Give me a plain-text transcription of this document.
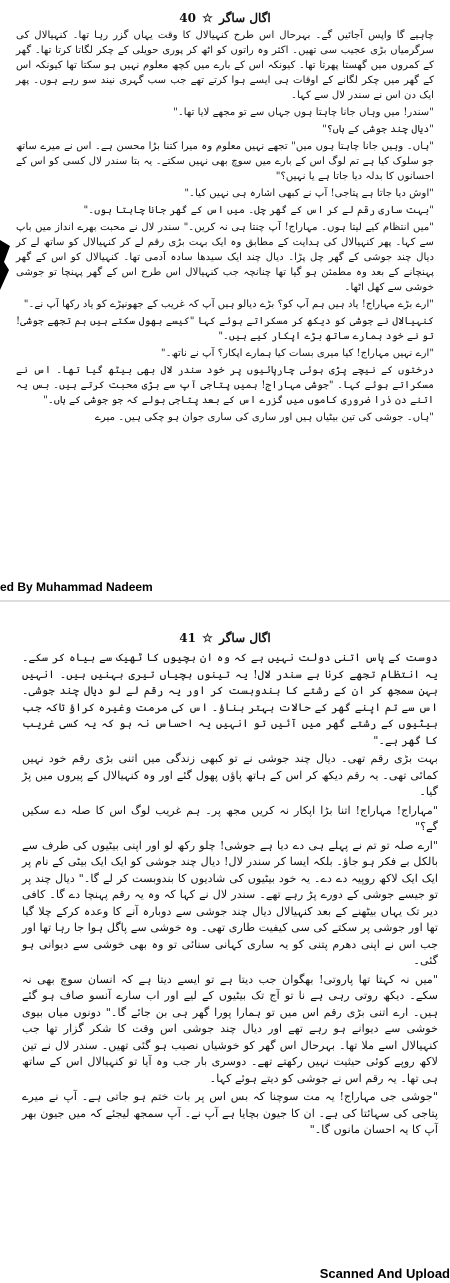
اگال ساگر ☆ 40

چاہیے گا واپس آجائیں گے۔ بہرحال اس طرح کنہیالال کا وقت یہاں گزر رہا تھا۔ کنہیالال کی سرگرمیاں بڑی عجیب سی تھیں۔ اکثر وہ راتوں کو اٹھ کر پوری حویلی کے چکر لگاتا کرتا تھا۔ گھر کے کمروں میں گھستا پھرتا تھا۔ کیونکہ اس کے بارے میں کچھ معلوم نہیں ہو سکتا تھا کیونکہ اس کے گھر میں چکر لگانے کے اوقات ہی ایسے ہوا کرتے تھے جب سب گہری نیند سو رہے ہوں۔ پھر ایک دن اس نے سندر لال سے کہا۔

"سندر! میں وہاں جانا چاہتا ہوں جہاں سے تو مجھے لایا تھا۔"

"دیال چند جوشی کے ہاں؟"

"ہاں۔ وہیں جانا چاہتا ہوں میں" تجھے نہیں معلوم وہ میرا کتنا بڑا محسن ہے۔ اس نے میرے ساتھ جو سلوک کیا ہے تم لوگ اس کے بارے میں سوچ بھی نہیں سکتے۔ یہ بتا سندر لال کسی کو اس کے احسانوں کا بدلہ دیا جاتا ہے یا نہیں؟"

"اوش دیا جاتا ہے پتاجی! آپ نے کبھی اشارہ ہی نہیں کیا۔"

"بہت ساری رقم لے کر اس کے گھر چل۔ میں اس کے گھر جانا چاہتا ہوں۔"

"میں انتظام کیے لیتا ہوں۔ مہاراج! آپ چنتا ہی نہ کریں۔" سندر لال نے محبت بھرے انداز میں باپ سے کہا۔ پھر کنہیالال کی ہدایت کے مطابق وہ ایک بہت بڑی رقم لے کر کنہیالال کو ساتھ لے کر دیال چند جوشی کے گھر چل پڑا۔ دیال چند ایک سیدھا سادہ آدمی تھا۔ کنہیالال کو اس کے گھر پہنچانے کے بعد وہ مطمئن ہو گیا تھا چنانچہ جب کنہیالال اس طرح اس کے گھر پہنچا تو جوشی خوشی سے کھل اٹھا۔

"ارے بڑے مہاراج! یاد ہیں ہم آپ کو؟ بڑے دیالو ہیں آپ کہ غریب کے جھونپڑے کو یاد رکھا آپ نے۔"

کنہیالال نے جوشی کو دیکھ کر مسکراتے ہوئے کہا "کیسے بھول سکتے ہیں ہم تجھے جوشی! تو نے خود ہمارے ساتھ بڑے اپکار کیے ہیں۔"

"ارے نہیں مہاراج! کیا میری بسات کیا ہمارے اپکار؟ آپ نے ناتھ۔"

درختوں کے نیچے پڑی ہوئی چارپائیوں پر خود سندر لال بھی بیٹھ گیا تھا۔ اس نے مسکراتے ہوئے کہا۔ "جوشی مہاراج! ہمیں پتاجی آپ سے بڑی محبت کرتے ہیں۔ بس یہ اتنے دن ذرا ضروری کاموں میں گزرے اس کے بعد پتاجی بولے کہ جو جوشی کے ہاں۔"

"ہاں۔ جوشی کی تین بیٹیاں ہیں اور ساری کی ساری جوان ہو چکی ہیں۔ میرے

ed By Muhammad Nadeem
اگال ساگر ☆ 41

دوست کے پاس اتنی دولت نہیں ہے کہ وہ ان بچیوں کا ٹھیک سے بیاہ کر سکے۔ یہ انتظام تجھے کرنا ہے سندر لال! یہ تینوں بچیاں تیری بہنیں ہیں۔ انہیں بہن سمجھ کر ان کے رشتے کا بندوبست کر اور یہ رقم لے لو دیال چند جوشی۔ اس سے تم اپنے گھر کے حالات بہتر بناؤ۔ اس کی مرمت وغیرہ کراؤ تاکہ جب بیٹیوں کے رشتے گھر میں آئیں تو انہیں یہ احساس نہ ہو کہ یہ کسی غریب کا گھر ہے۔"

بہت بڑی رقم تھی۔ دیال چند جوشی نے تو کبھی زندگی میں اتنی بڑی رقم خود نہیں کمائی تھی۔ یہ رقم دیکھ کر اس کے ہاتھ پاؤں پھول گئے اور وہ کنہیالال کے پیروں میں پڑ گیا۔

"مہاراج! مہاراج! اتنا بڑا اپکار نہ کریں مجھ پر۔ ہم غریب لوگ اس کا صلہ دے سکیں گے؟"

"ارے صلہ تو تم نے پہلے ہی دے دیا ہے جوشی! چلو رکھ لو اور اپنی بیٹیوں کی طرف سے بالکل بے فکر ہو جاؤ۔ بلکہ ایسا کر سندر لال! دیال چند جوشی کو ایک ایک بیٹی کے نام پر ایک ایک لاکھ روپیہ دے دے۔ یہ خود بیٹیوں کی شادیوں کا بندوبست کر لے گا۔" دیال چند پر تو جیسے جوشی کے دورے پڑ رہے تھے۔ سندر لال نے کہا کہ وہ یہ رقم پہنچا دے گا۔ کافی دیر تک یہاں بیٹھنے کے بعد کنہیالال دیال چند جوشی سے دوبارہ آنے کا وعدہ کرکے چلا گیا تھا اور جوشی پر سکتے کی سی کیفیت طاری تھی۔ وہ خوشی سے پاگل ہوا جا رہا تھا اور جب اس نے اپنی دھرم پتنی کو یہ ساری کہانی سنائی تو وہ بھی خوشی سے دیوانی ہو گئی۔

"میں نہ کہتا تھا پاروتی! بھگوان جب دیتا ہے تو ایسے دیتا ہے کہ انسان سوچ بھی نہ سکے۔ دیکھ روتی رہی ہے نا تو آج تک بیٹیوں کے لیے اور اب سارے آنسو صاف ہو گئے ہیں۔ ارے اتنی بڑی رقم اس میں تو ہمارا پورا گھر ہی بن جائے گا۔" دونوں میاں بیوی خوشی سے دیوانے ہو رہے تھے اور دیال چند جوشی اس وقت کا شکر گزار تھا جب کنہیالال اسے ملا تھا۔ بہرحال اس گھر کو خوشیاں نصیب ہو گئی تھیں۔ سندر لال نے تین لاکھ روپے کوئی حیثیت نہیں رکھتے تھے۔ دوسری بار جب وہ آیا تو کنہیالال اس کے ساتھ ہی تھا۔ یہ رقم اس نے جوشی کو دیتے ہوئے کہا۔

"جوشی جی مہاراج! یہ مت سوچنا کہ بس اس پر بات ختم ہو جاتی ہے۔ آپ نے میرے پتاجی کی سہائتا کی ہے۔ ان کا جیون بچایا ہے آپ نے۔ آپ سمجھ لیجئے کہ میں جیون بھر آپ کا یہ احسان مانوں گا۔"

Scanned And Upload
